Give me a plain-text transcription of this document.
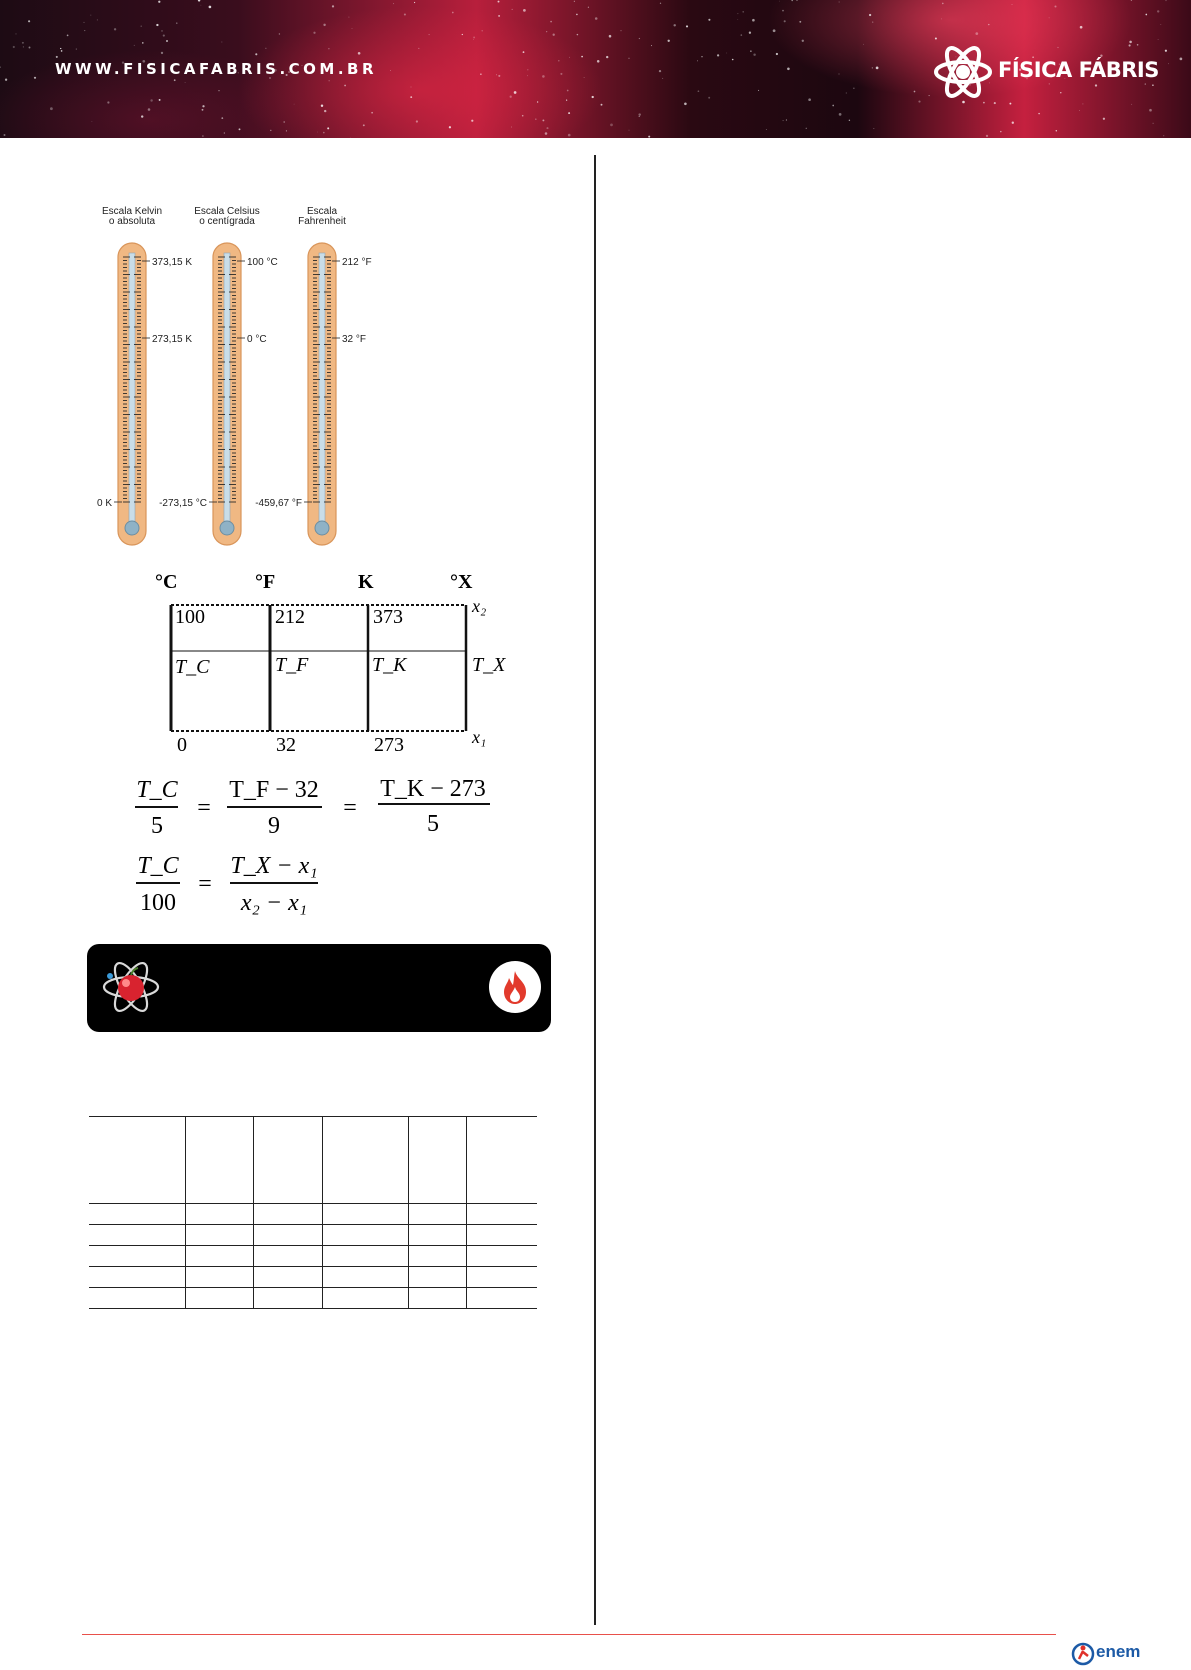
WWW.FISICAFABRIS.COM.BR	FÍSICA FÁBRIS
Escala Kelvin
o absoluta
373,15 K
273,15 K
0 K
Escala Celsius
o centígrada
100 °C
0 °C
-273,15 °C
Escala
Fahrenheit
212 °F
32 °F
-459,67 °F
°C	°F	K	°X
100	212	373	x₂
T_C	T_F	T_K	T_X
0	32	273	x₁
T_C
5
=
T_F − 32
9
=
T_K − 273
5
T_C
100
=
T_X − x₁
x₂ − x₁

enem
